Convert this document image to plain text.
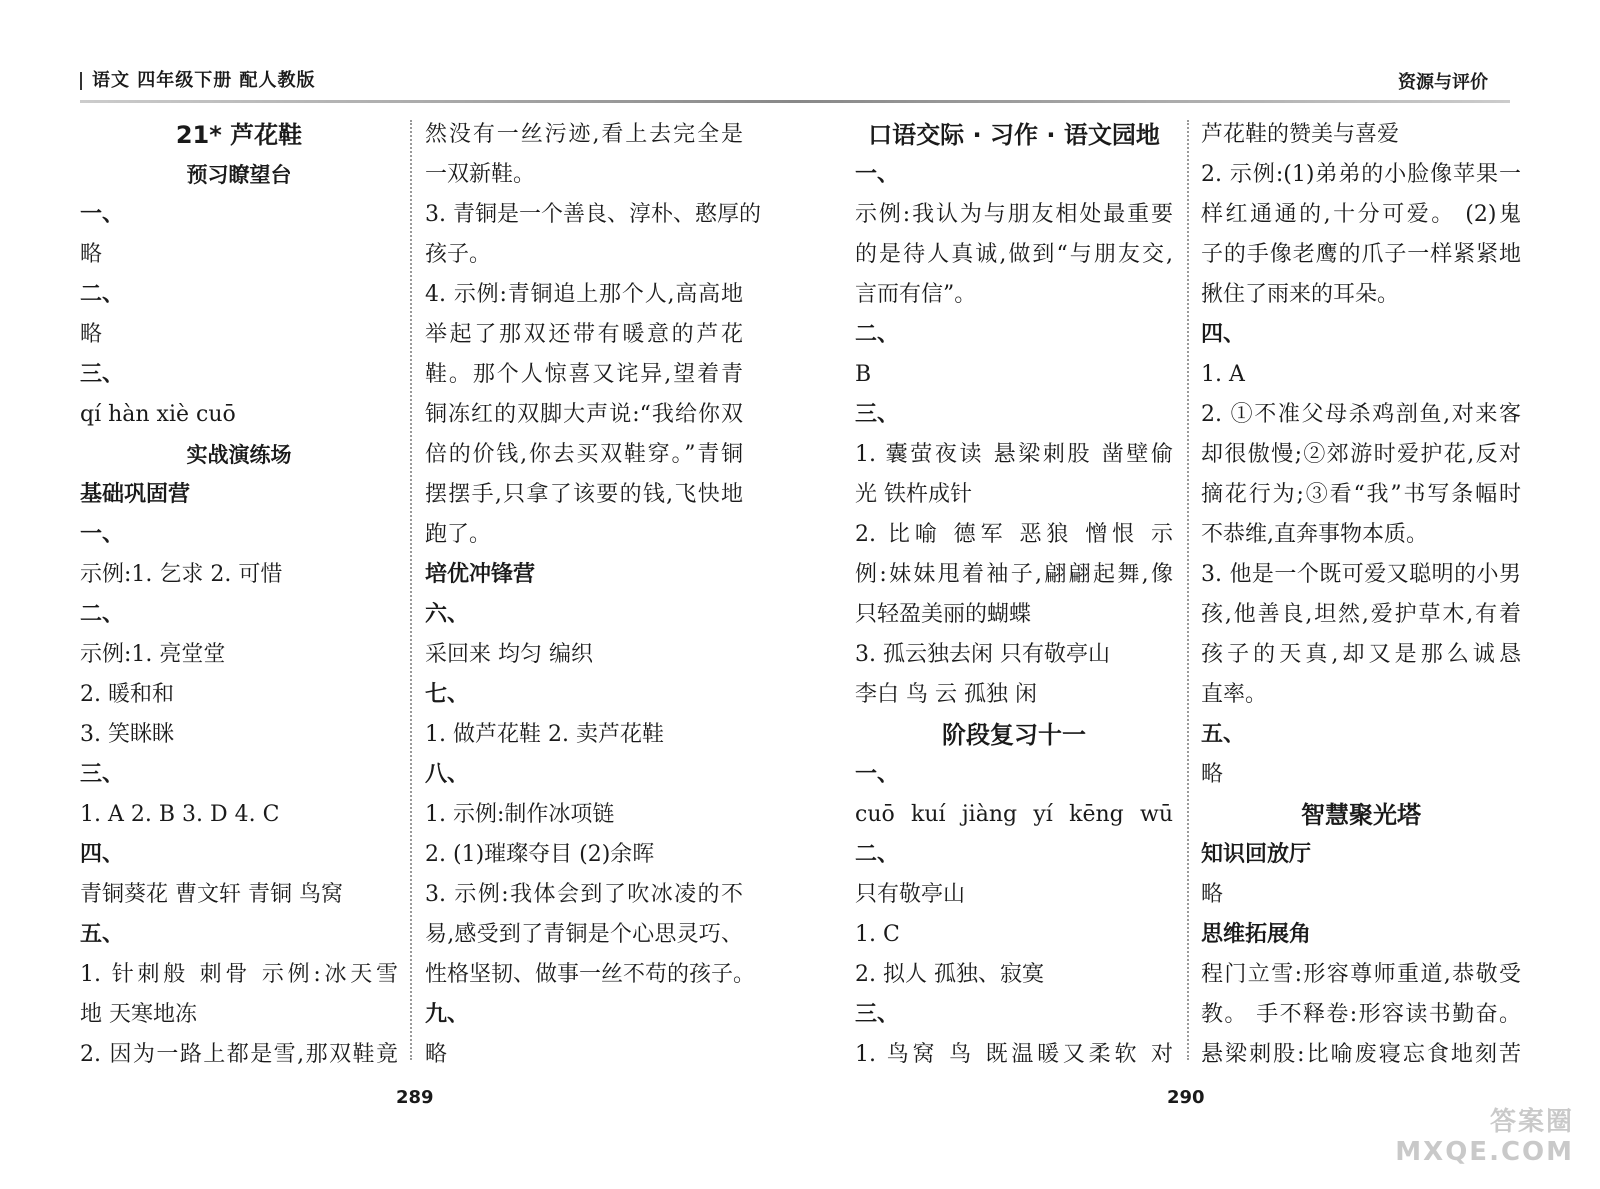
语文 四年级下册 配人教版	资源与评价
21* 芦花鞋
预习瞭望台
一、
略
二、
略
三、
qí hàn xiè cuō
实战演练场
基础巩固营
一、
示例:1. 乞求 2. 可惜
二、
示例:1. 亮堂堂
2. 暖和和
3. 笑眯眯
三、
1. A 2. B 3. D 4. C
四、
青铜葵花 曹文轩 青铜 鸟窝
五、
1. 针刺般 刺骨 示例:冰天雪
地 天寒地冻
2. 因为一路上都是雪,那双鞋竟
然没有一丝污迹,看上去完全是
一双新鞋。
3. 青铜是一个善良、淳朴、憨厚的
孩子。
4. 示例:青铜追上那个人,高高地
举起了那双还带有暖意的芦花
鞋。那个人惊喜又诧异,望着青
铜冻红的双脚大声说:“我给你双
倍的价钱,你去买双鞋穿。”青铜
摆摆手,只拿了该要的钱,飞快地
跑了。
培优冲锋营
六、
采回来 均匀 编织
七、
1. 做芦花鞋 2. 卖芦花鞋
八、
1. 示例:制作冰项链
2. (1)璀璨夺目 (2)余晖
3. 示例:我体会到了吹冰凌的不
易,感受到了青铜是个心思灵巧、
性格坚韧、做事一丝不苟的孩子。
九、
略
口语交际 · 习作 · 语文园地
一、
示例:我认为与朋友相处最重要
的是待人真诚,做到“与朋友交,
言而有信”。
二、
B
三、
1. 囊萤夜读 悬梁刺股 凿壁偷
光 铁杵成针
2. 比喻 德军 恶狼 憎恨 示
例:妹妹甩着袖子,翩翩起舞,像
只轻盈美丽的蝴蝶
3. 孤云独去闲 只有敬亭山
李白 鸟 云 孤独 闲
阶段复习十一
一、
cuō kuí jiàng yí kēng wū
二、
只有敬亭山
1. C
2. 拟人 孤独、寂寞
三、
1. 鸟窝 鸟 既温暖又柔软 对
芦花鞋的赞美与喜爱
2. 示例:(1)弟弟的小脸像苹果一
样红通通的,十分可爱。 (2)鬼
子的手像老鹰的爪子一样紧紧地
揪住了雨来的耳朵。
四、
1. A
2. ①不准父母杀鸡剖鱼,对来客
却很傲慢;②郊游时爱护花,反对
摘花行为;③看“我”书写条幅时
不恭维,直奔事物本质。
3. 他是一个既可爱又聪明的小男
孩,他善良,坦然,爱护草木,有着
孩子的天真,却又是那么诚恳
直率。
五、
略
智慧聚光塔
知识回放厅
略
思维拓展角
程门立雪:形容尊师重道,恭敬受
教。 手不释卷:形容读书勤奋。
悬梁刺股:比喻废寝忘食地刻苦
289	290
答案圈
MXQE.COM
